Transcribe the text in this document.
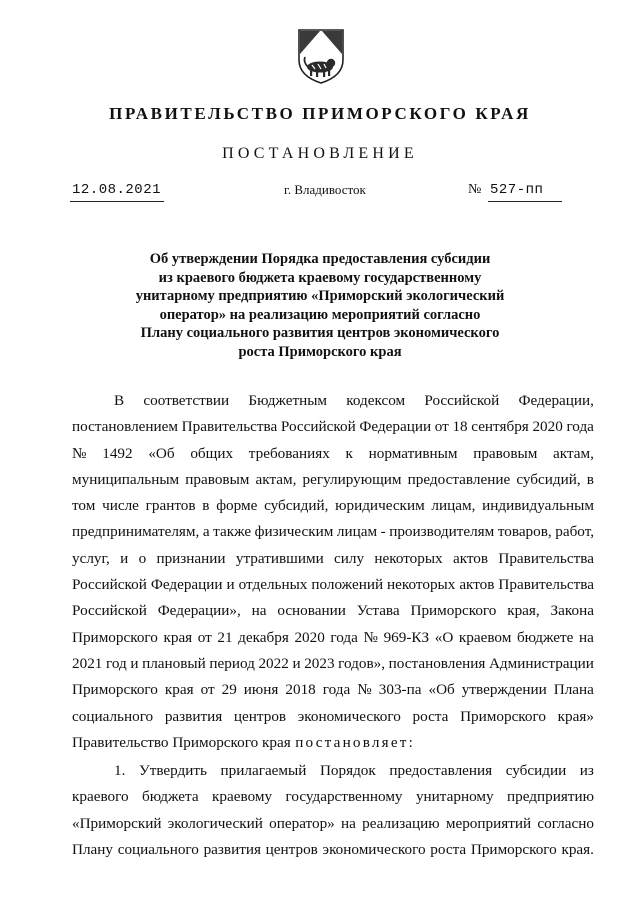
ПРАВИТЕЛЬСТВО ПРИМОРСКОГО КРАЯ
ПОСТАНОВЛЕНИЕ
12.08.2021	г. Владивосток	№ 527-пп
Об утверждении Порядка предоставления субсидии
из краевого бюджета краевому государственному
унитарному предприятию «Приморский экологический
оператор» на реализацию мероприятий согласно
Плану социального развития центров экономического
роста Приморского края
В соответствии Бюджетным кодексом Российской Федерации,
постановлением Правительства Российской Федерации от 18 сентября 2020 года
№ 1492 «Об общих требованиях к нормативным правовым актам,
муниципальным правовым актам, регулирующим предоставление субсидий, в
том числе грантов в форме субсидий, юридическим лицам, индивидуальным
предпринимателям, а также физическим лицам - производителям товаров, работ,
услуг, и о признании утратившими силу некоторых актов Правительства
Российской Федерации и отдельных положений некоторых актов Правительства
Российской Федерации», на основании Устава Приморского края, Закона
Приморского края от 21 декабря 2020 года № 969-КЗ «О краевом бюджете на
2021 год и плановый период 2022 и 2023 годов», постановления Администрации
Приморского края от 29 июня 2018 года № 303-па «Об утверждении Плана
социального развития центров экономического роста Приморского края»
Правительство Приморского края постановляет:
1. Утвердить прилагаемый Порядок предоставления субсидии из
краевого бюджета краевому государственному унитарному предприятию
«Приморский экологический оператор» на реализацию мероприятий согласно
Плану социального развития центров экономического роста Приморского края.
